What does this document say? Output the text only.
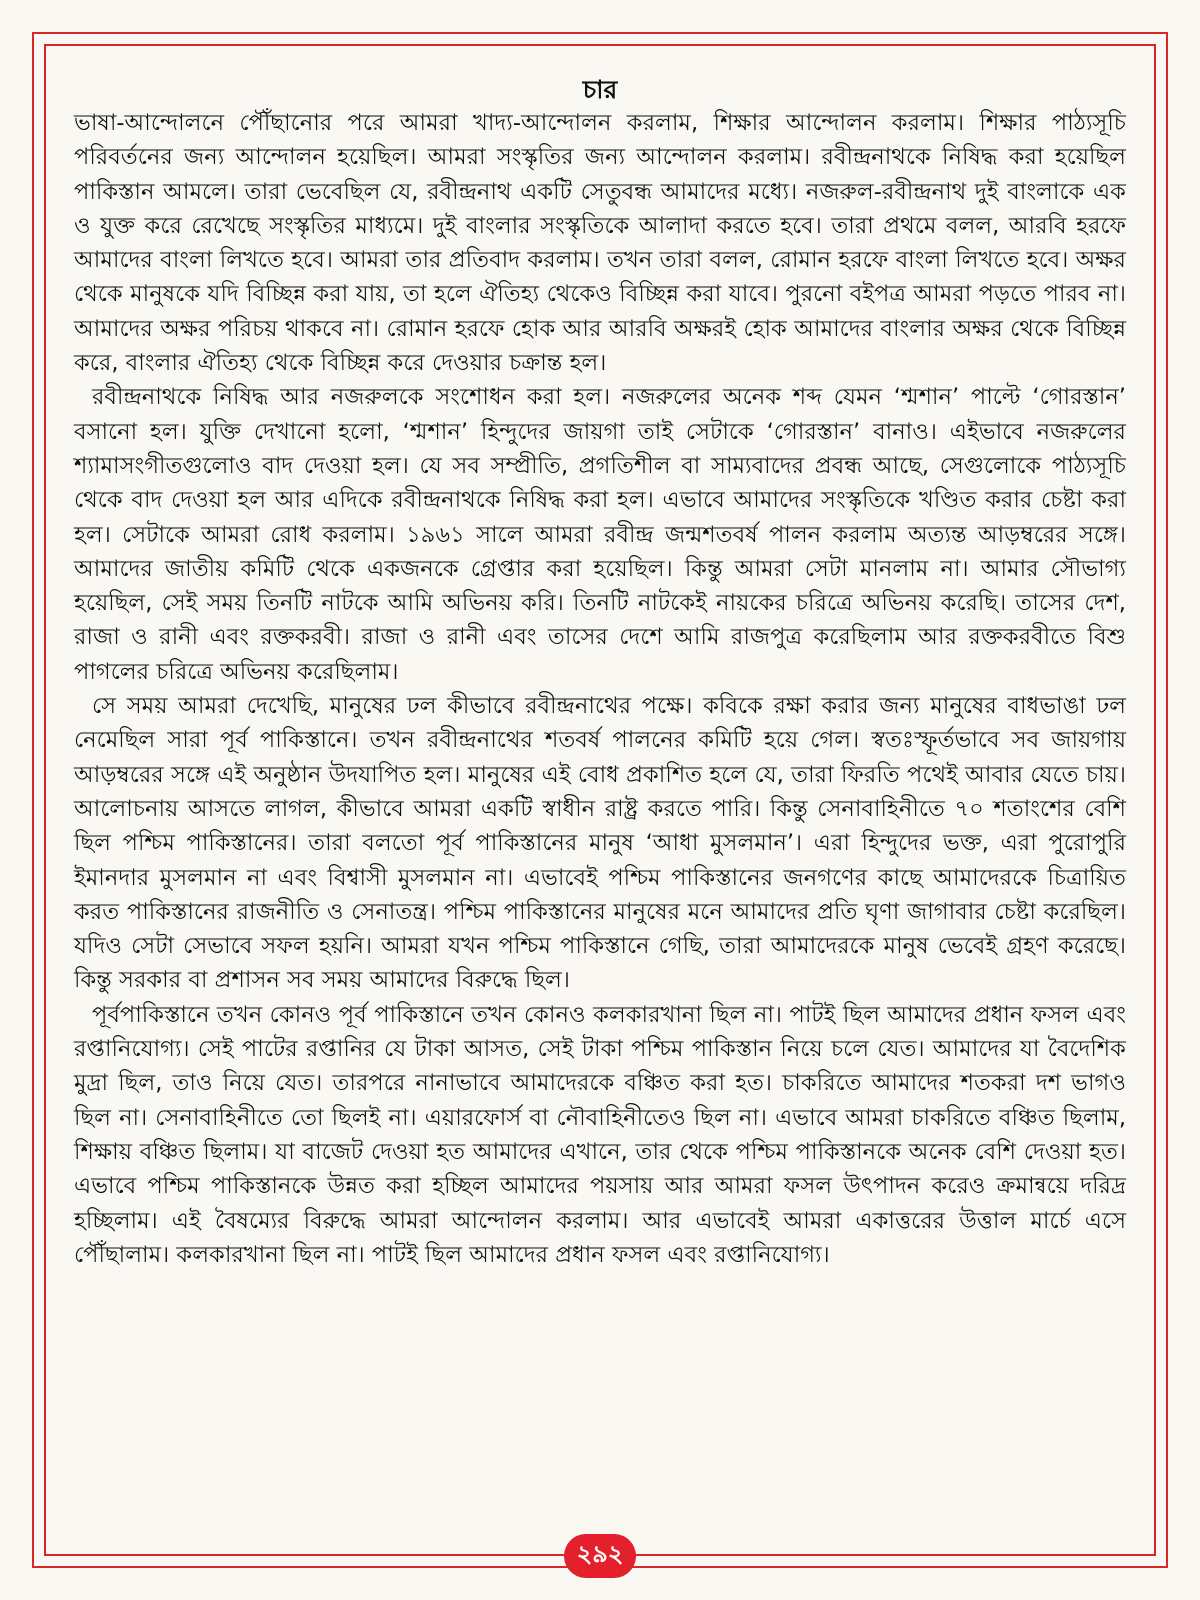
চার

ভাষা-আন্দোলনে পৌঁছানোর পরে আমরা খাদ্য-আন্দোলন করলাম, শিক্ষার আন্দোলন করলাম। শিক্ষার পাঠ্যসূচি পরিবর্তনের জন্য আন্দোলন হয়েছিল। আমরা সংস্কৃতির জন্য আন্দোলন করলাম। রবীন্দ্রনাথকে নিষিদ্ধ করা হয়েছিল পাকিস্তান আমলে। তারা ভেবেছিল যে, রবীন্দ্রনাথ একটি সেতুবন্ধ আমাদের মধ্যে। নজরুল-রবীন্দ্রনাথ দুই বাংলাকে এক ও যুক্ত করে রেখেছে সংস্কৃতির মাধ্যমে। দুই বাংলার সংস্কৃতিকে আলাদা করতে হবে। তারা প্রথমে বলল, আরবি হরফে আমাদের বাংলা লিখতে হবে। আমরা তার প্রতিবাদ করলাম। তখন তারা বলল, রোমান হরফে বাংলা লিখতে হবে। অক্ষর থেকে মানুষকে যদি বিচ্ছিন্ন করা যায়, তা হলে ঐতিহ্য থেকেও বিচ্ছিন্ন করা যাবে। পুরনো বইপত্র আমরা পড়তে পারব না। আমাদের অক্ষর পরিচয় থাকবে না। রোমান হরফে হোক আর আরবি অক্ষরই হোক আমাদের বাংলার অক্ষর থেকে বিচ্ছিন্ন করে, বাংলার ঐতিহ্য থেকে বিচ্ছিন্ন করে দেওয়ার চক্রান্ত হল।

রবীন্দ্রনাথকে নিষিদ্ধ আর নজরুলকে সংশোধন করা হল। নজরুলের অনেক শব্দ যেমন ‘শ্মশান’ পাল্টে ‘গোরস্তান’ বসানো হল। যুক্তি দেখানো হলো, ‘শ্মশান’ হিন্দুদের জায়গা তাই সেটাকে ‘গোরস্তান’ বানাও। এইভাবে নজরুলের শ্যামাসংগীতগুলোও বাদ দেওয়া হল। যে সব সম্প্রীতি, প্রগতিশীল বা সাম্যবাদের প্রবন্ধ আছে, সেগুলোকে পাঠ্যসূচি থেকে বাদ দেওয়া হল আর এদিকে রবীন্দ্রনাথকে নিষিদ্ধ করা হল। এভাবে আমাদের সংস্কৃতিকে খণ্ডিত করার চেষ্টা করা হল। সেটাকে আমরা রোধ করলাম। ১৯৬১ সালে আমরা রবীন্দ্র জন্মশতবর্ষ পালন করলাম অত্যন্ত আড়ম্বরের সঙ্গে। আমাদের জাতীয় কমিটি থেকে একজনকে গ্রেপ্তার করা হয়েছিল। কিন্তু আমরা সেটা মানলাম না। আমার সৌভাগ্য হয়েছিল, সেই সময় তিনটি নাটকে আমি অভিনয় করি। তিনটি নাটকেই নায়কের চরিত্রে অভিনয় করেছি। তাসের দেশ, রাজা ও রানী এবং রক্তকরবী। রাজা ও রানী এবং তাসের দেশে আমি রাজপুত্র করেছিলাম আর রক্তকরবীতে বিশু পাগলের চরিত্রে অভিনয় করেছিলাম।

সে সময় আমরা দেখেছি, মানুষের ঢল কীভাবে রবীন্দ্রনাথের পক্ষে। কবিকে রক্ষা করার জন্য মানুষের বাধভাঙা ঢল নেমেছিল সারা পূর্ব পাকিস্তানে। তখন রবীন্দ্রনাথের শতবর্ষ পালনের কমিটি হয়ে গেল। স্বতঃস্ফূর্তভাবে সব জায়গায় আড়ম্বরের সঙ্গে এই অনুষ্ঠান উদযাপিত হল। মানুষের এই বোধ প্রকাশিত হলে যে, তারা ফিরতি পথেই আবার যেতে চায়। আলোচনায় আসতে লাগল, কীভাবে আমরা একটি স্বাধীন রাষ্ট্র করতে পারি। কিন্তু সেনাবাহিনীতে ৭০ শতাংশের বেশি ছিল পশ্চিম পাকিস্তানের। তারা বলতো পূর্ব পাকিস্তানের মানুষ ‘আধা মুসলমান’। এরা হিন্দুদের ভক্ত, এরা পুরোপুরি ইমানদার মুসলমান না এবং বিশ্বাসী মুসলমান না। এভাবেই পশ্চিম পাকিস্তানের জনগণের কাছে আমাদেরকে চিত্রায়িত করত পাকিস্তানের রাজনীতি ও সেনাতন্ত্র। পশ্চিম পাকিস্তানের মানুষের মনে আমাদের প্রতি ঘৃণা জাগাবার চেষ্টা করেছিল। যদিও সেটা সেভাবে সফল হয়নি। আমরা যখন পশ্চিম পাকিস্তানে গেছি, তারা আমাদেরকে মানুষ ভেবেই গ্রহণ করেছে। কিন্তু সরকার বা প্রশাসন সব সময় আমাদের বিরুদ্ধে ছিল।

পূর্বপাকিস্তানে তখন কোনও পূর্ব পাকিস্তানে তখন কোনও কলকারখানা ছিল না। পাটই ছিল আমাদের প্রধান ফসল এবং রপ্তানিযোগ্য। সেই পাটের রপ্তানির যে টাকা আসত, সেই টাকা পশ্চিম পাকিস্তান নিয়ে চলে যেত। আমাদের যা বৈদেশিক মুদ্রা ছিল, তাও নিয়ে যেত। তারপরে নানাভাবে আমাদেরকে বঞ্চিত করা হত। চাকরিতে আমাদের শতকরা দশ ভাগও ছিল না। সেনাবাহিনীতে তো ছিলই না। এয়ারফোর্স বা নৌবাহিনীতেও ছিল না। এভাবে আমরা চাকরিতে বঞ্চিত ছিলাম, শিক্ষায় বঞ্চিত ছিলাম। যা বাজেট দেওয়া হত আমাদের এখানে, তার থেকে পশ্চিম পাকিস্তানকে অনেক বেশি দেওয়া হত। এভাবে পশ্চিম পাকিস্তানকে উন্নত করা হচ্ছিল আমাদের পয়সায় আর আমরা ফসল উৎপাদন করেও ক্রমান্বয়ে দরিদ্র হচ্ছিলাম। এই বৈষম্যের বিরুদ্ধে আমরা আন্দোলন করলাম। আর এভাবেই আমরা একাত্তরের উত্তাল মার্চে এসে পৌঁছালাম। কলকারখানা ছিল না। পাটই ছিল আমাদের প্রধান ফসল এবং রপ্তানিযোগ্য।

২৯২
